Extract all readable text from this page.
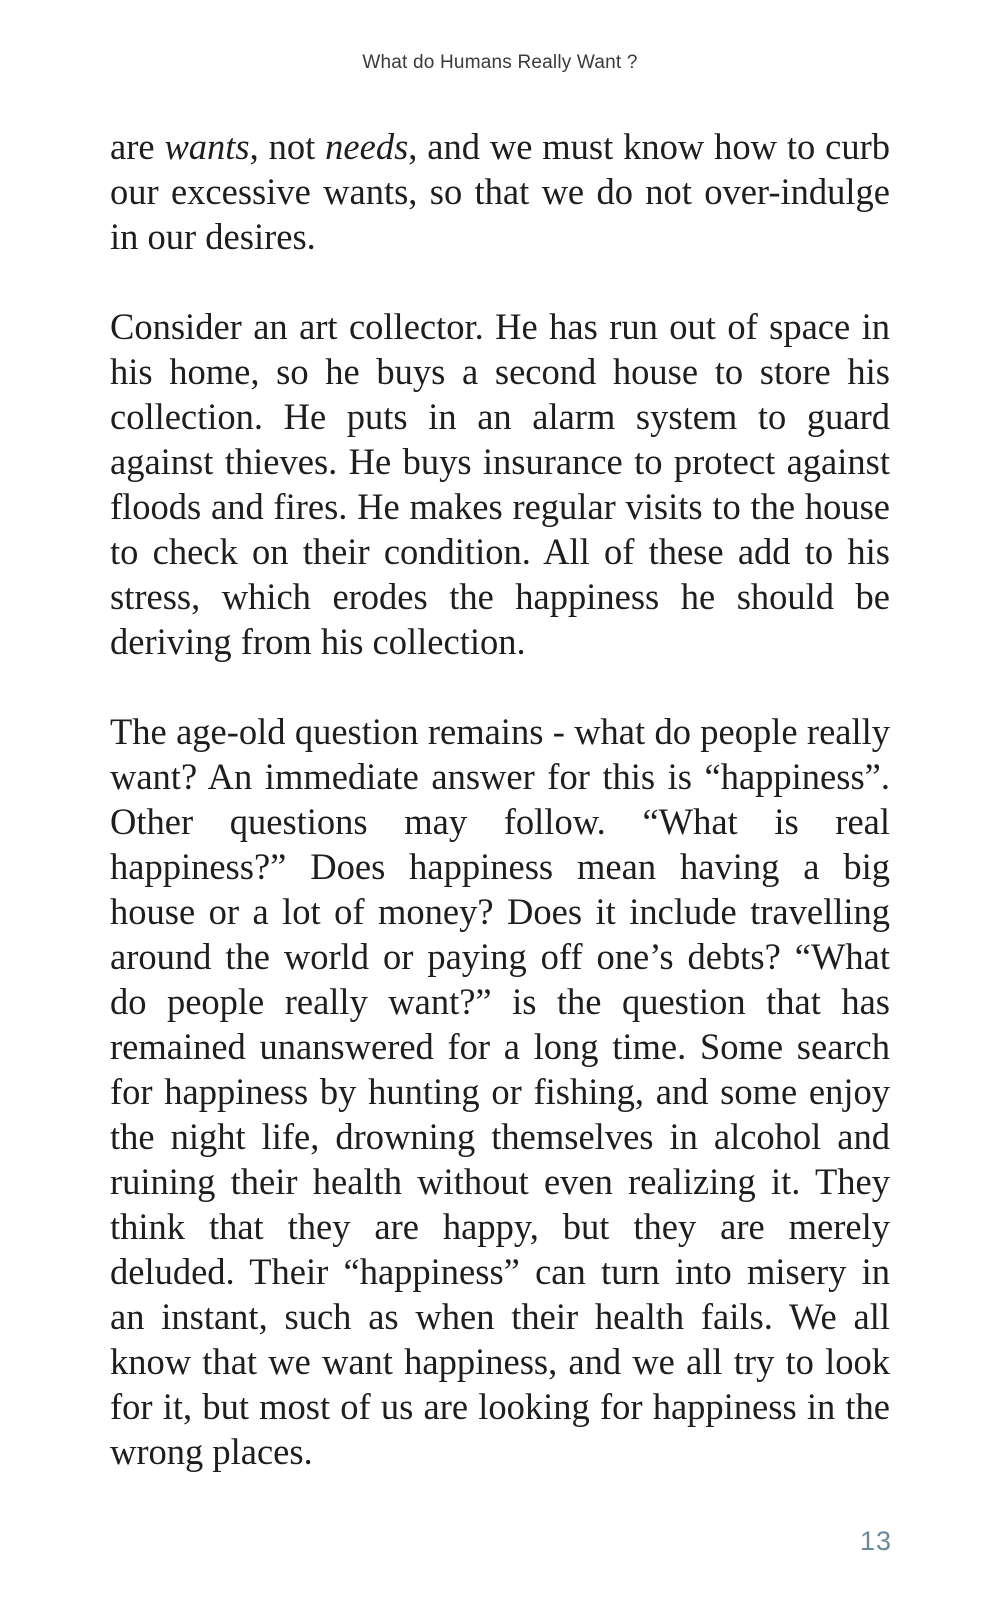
What do Humans Really Want ?

are wants, not needs, and we must know how to curb our excessive wants, so that we do not over-indulge in our desires.

Consider an art collector. He has run out of space in his home, so he buys a second house to store his collection. He puts in an alarm system to guard against thieves. He buys insurance to protect against floods and fires. He makes regular visits to the house to check on their condition. All of these add to his stress, which erodes the happiness he should be deriving from his collection.

The age-old question remains - what do people really want? An immediate answer for this is “happiness”. Other questions may follow. “What is real happiness?” Does happiness mean having a big house or a lot of money? Does it include travelling around the world or paying off one’s debts? “What do people really want?” is the question that has remained unanswered for a long time. Some search for happiness by hunting or fishing, and some enjoy the night life, drowning themselves in alcohol and ruining their health without even realizing it. They think that they are happy, but they are merely deluded. Their “happiness” can turn into misery in an instant, such as when their health fails. We all know that we want happiness, and we all try to look for it, but most of us are looking for happiness in the wrong places.

13
